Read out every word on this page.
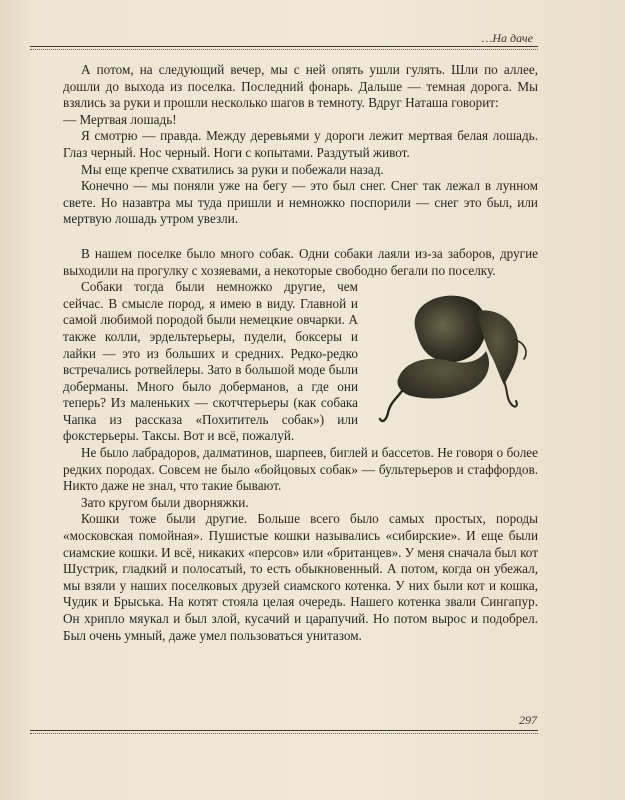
…На даче

А потом, на следующий вечер, мы с ней опять ушли гулять. Шли по аллее, дошли до выхода из поселка. Последний фонарь. Дальше — темная дорога. Мы взялись за руки и прошли несколько шагов в темноту. Вдруг Наташа говорит:

— Мертвая лошадь!

Я смотрю — правда. Между деревьями у дороги лежит мертвая белая лошадь. Глаз черный. Нос черный. Ноги с копытами. Раздутый живот.

Мы еще крепче схватились за руки и побежали назад.

Конечно — мы поняли уже на бегу — это был снег. Снег так лежал в лунном свете. Но назавтра мы туда пришли и немножко поспорили — снег это был, или мертвую лошадь утром увезли.

В нашем поселке было много собак. Одни собаки лаяли из-за заборов, другие выходили на прогулку с хозяевами, а некоторые свободно бегали по поселку.

Собаки тогда были немножко другие, чем сейчас. В смысле пород, я имею в виду. Главной и самой любимой породой были немецкие овчарки. А также колли, эрдельтерьеры, пудели, боксеры и лайки — это из больших и средних. Редко-редко встречались ротвейлеры. Зато в большой моде были доберманы. Много было доберманов, а где они теперь? Из маленьких — скотчтерьеры (как собака Чапка из рассказа «Похититель собак») или фокстерьеры. Таксы. Вот и всё, пожалуй.

Не было лабрадоров, далматинов, шарпеев, биглей и бассетов. Не говоря о более редких породах. Совсем не было «бойцовых собак» — бультерьеров и стаффордов. Никто даже не знал, что такие бывают.

Зато кругом были дворняжки.

Кошки тоже были другие. Больше всего было самых простых, породы «московская помойная». Пушистые кошки назывались «сибирские». И еще были сиамские кошки. И всё, никаких «персов» или «британцев». У меня сначала был кот Шустрик, гладкий и полосатый, то есть обыкновенный. А потом, когда он убежал, мы взяли у наших поселковых друзей сиамского котенка. У них были кот и кошка, Чудик и Брыська. На котят стояла целая очередь. Нашего котенка звали Сингапур. Он хрипло мяукал и был злой, кусачий и царапучий. Но потом вырос и подобрел. Был очень умный, даже умел пользоваться унитазом.

297
